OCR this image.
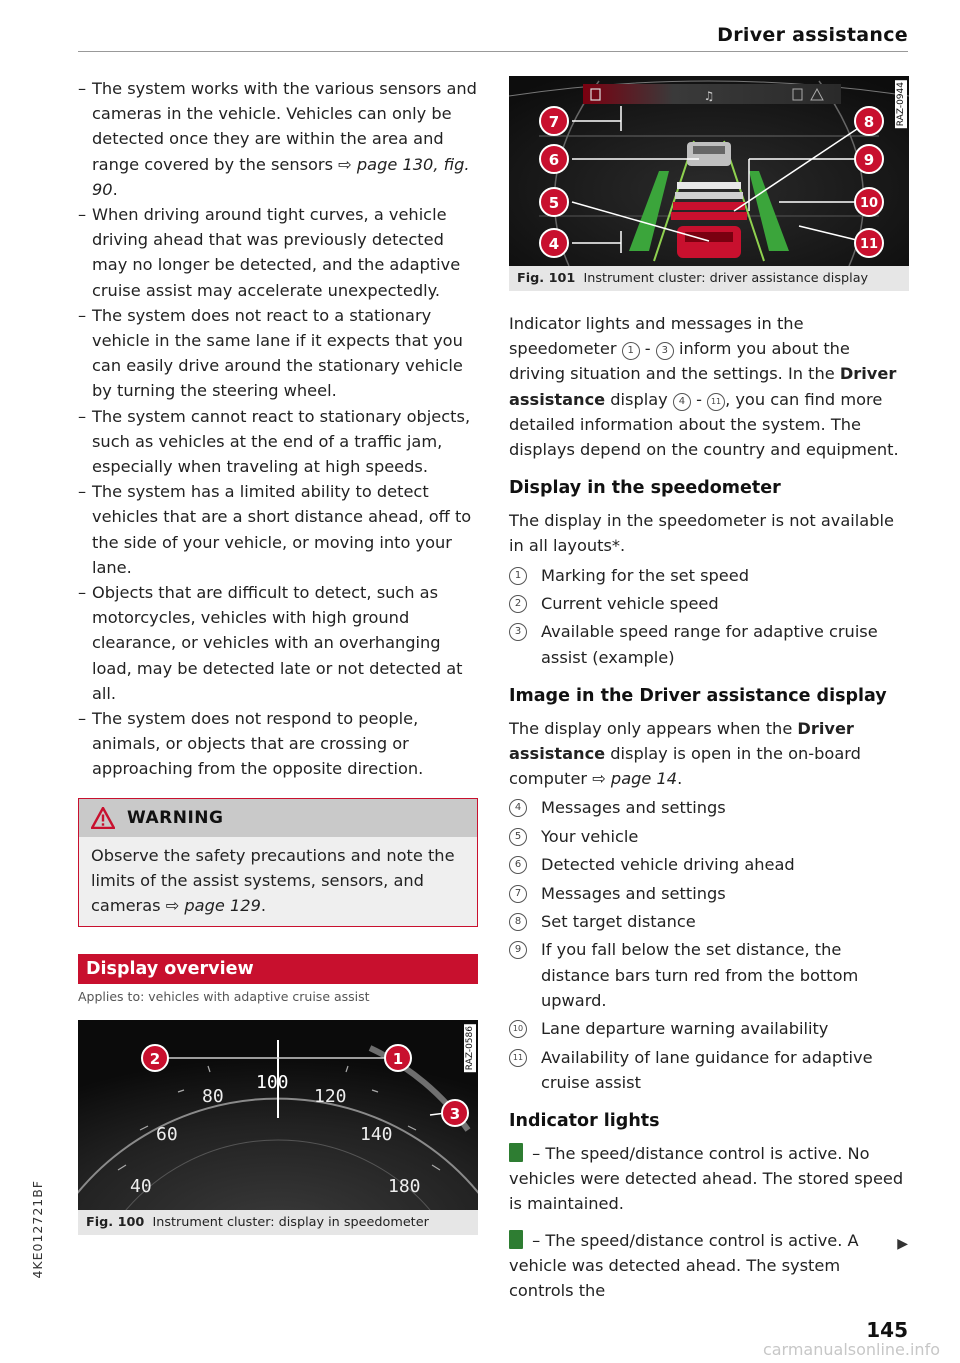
Driver assistance
– The system works with the various sensors and cameras in the vehicle. Vehicles can only be detected once they are within the area and range covered by the sensors ⇨ page 130, fig. 90.
– When driving around tight curves, a vehicle driving ahead that was previously detected may no longer be detected, and the adaptive cruise assist may accelerate unexpectedly.
– The system does not react to a stationary vehicle in the same lane if it expects that you can easily drive around the stationary vehicle by turning the steering wheel.
– The system cannot react to stationary objects, such as vehicles at the end of a traffic jam, especially when traveling at high speeds.
– The system has a limited ability to detect vehicles that are a short distance ahead, off to the side of your vehicle, or moving into your lane.
– Objects that are difficult to detect, such as motorcycles, vehicles with high ground clearance, or vehicles with an overhanging load, may be detected late or not detected at all.
– The system does not respond to people, animals, or objects that are crossing or approaching from the opposite direction.
WARNING
Observe the safety precautions and note the limits of the assist systems, sensors, and cameras ⇨ page 129.
Display overview
Applies to: vehicles with adaptive cruise assist
40
60
80
100
120
140
180
2	1
3
RAZ-0586
Fig. 100 Instrument cluster: display in speedometer
♫
7
6
5
4
8
9
10
11
RAZ-0944
Fig. 101 Instrument cluster: driver assistance display

Indicator lights and messages in the speedometer 1 - 3 inform you about the driving situation and the settings. In the Driver assistance display 4 - 11 , you can find more detailed information about the system. The displays depend on the country and equipment.

Display in the speedometer

The display in the speedometer is not available in all layouts*.

1	Marking for the set speed
2	Current vehicle speed
3	Available speed range for adaptive cruise assist (example)
Image in the Driver assistance display

The display only appears when the Driver assistance display is open in the on-board computer ⇨ page 14.

4	Messages and settings
5	Your vehicle
6	Detected vehicle driving ahead
7	Messages and settings
8	Set target distance
9	If you fall below the set distance, the distance bars turn red from the bottom upward.
10 Lane departure warning availability
11 Availability of lane guidance for adaptive cruise assist
Indicator lights

– The speed/distance control is active. No vehicles were detected ahead. The stored speed is maintained.

– The speed/distance control is active. A vehicle was detected ahead. The system controls the

▶
4KE012721BF
145
carmanualsonline.info
